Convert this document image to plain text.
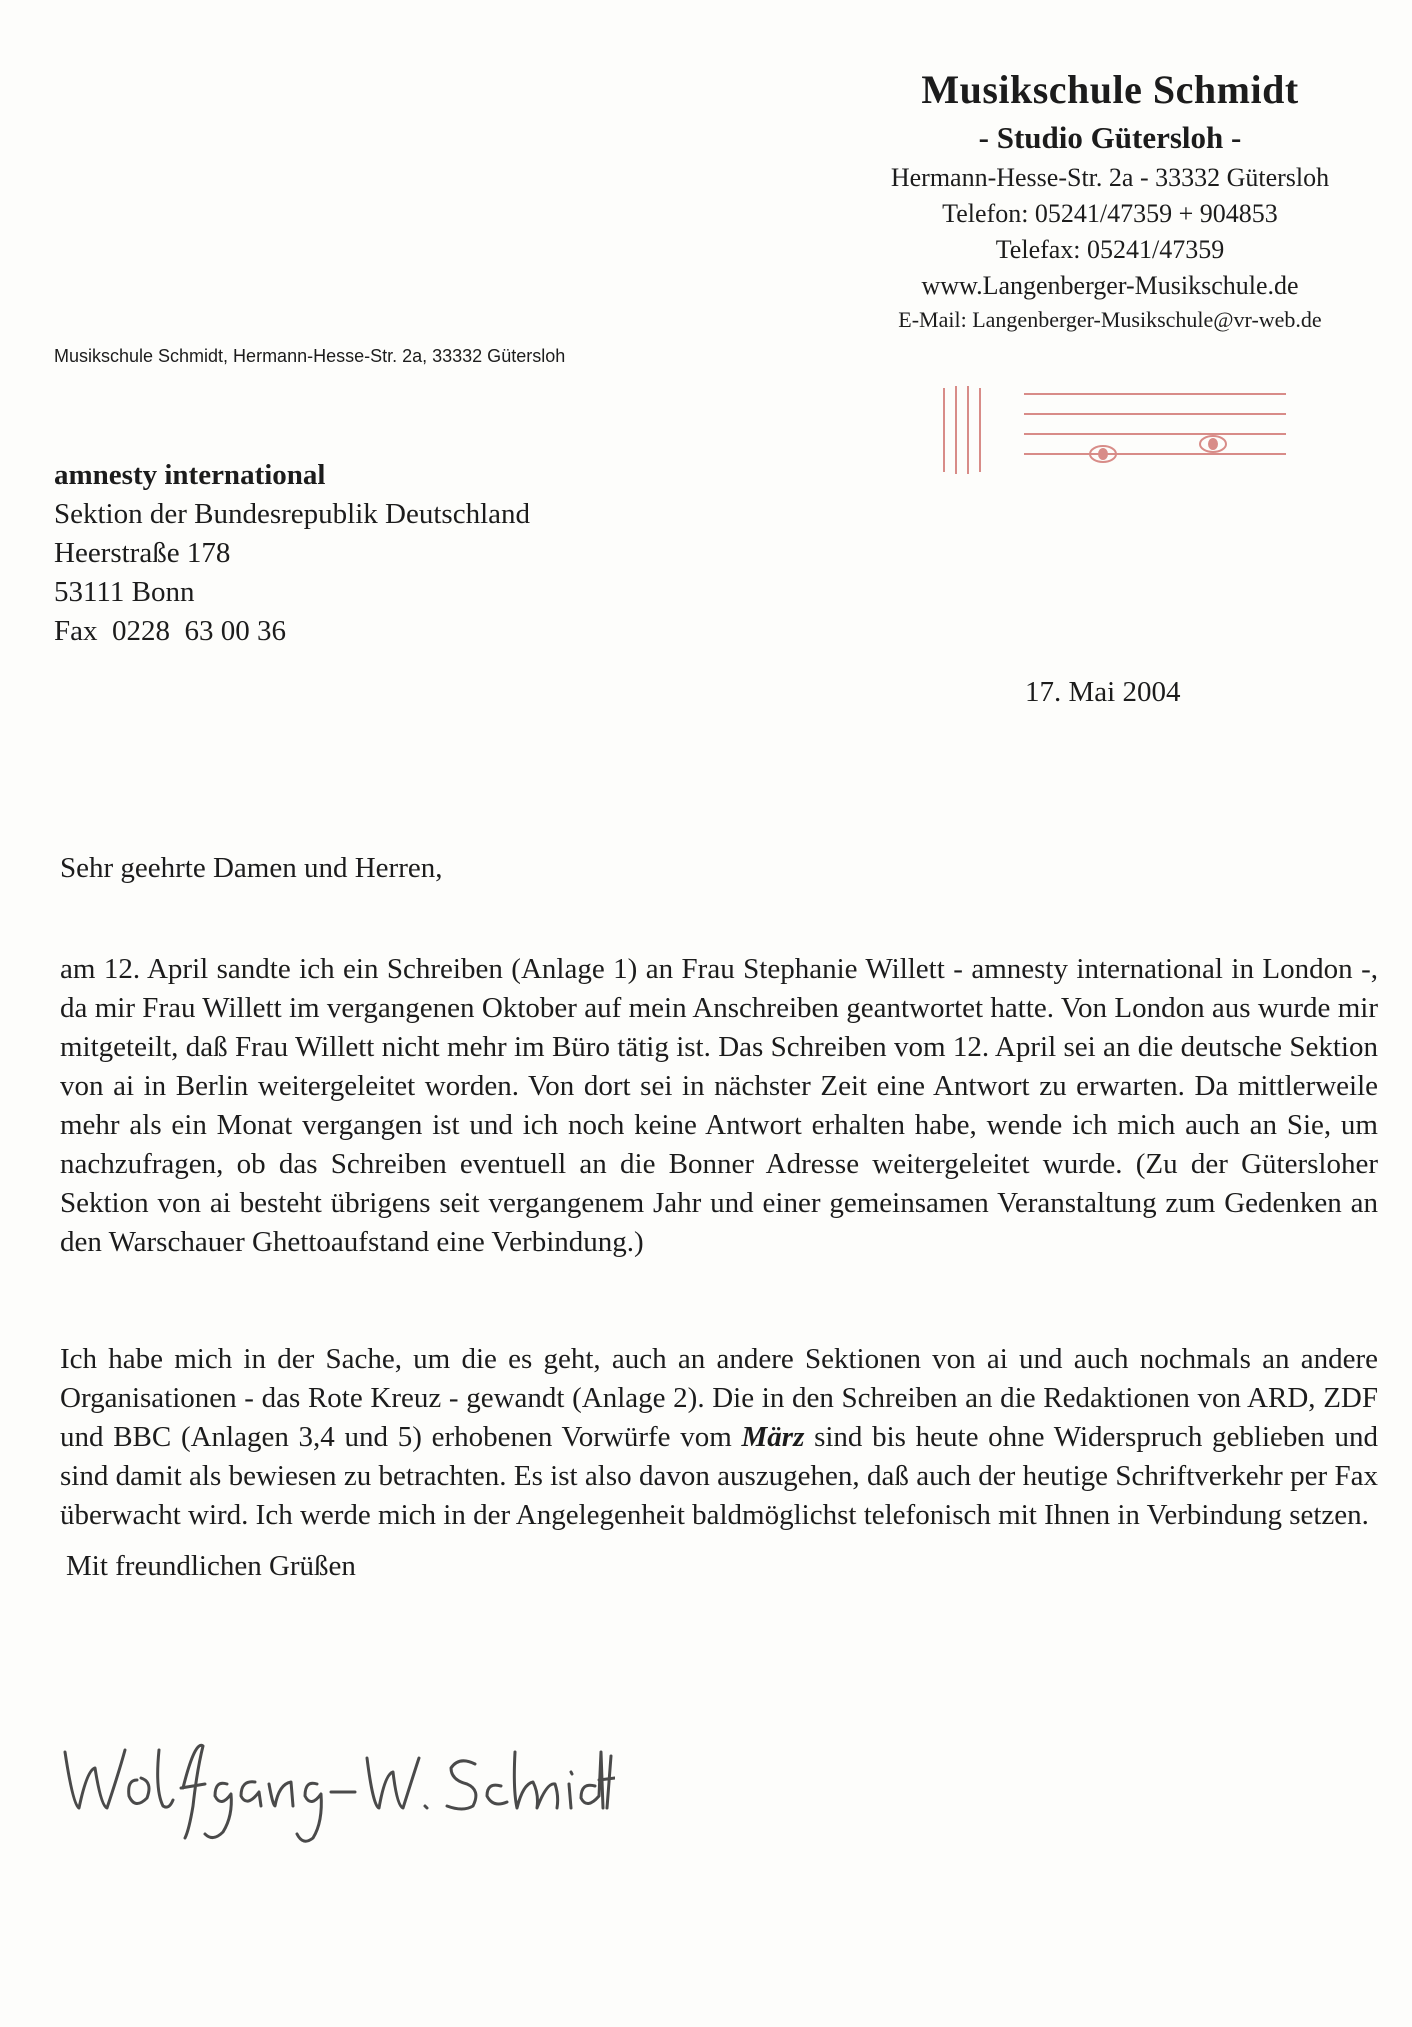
Musikschule Schmidt
- Studio Gütersloh -
Hermann-Hesse-Str. 2a - 33332 Gütersloh
Telefon: 05241/47359 + 904853
Telefax: 05241/47359
www.Langenberger-Musikschule.de
E-Mail: Langenberger-Musikschule@vr-web.de
Musikschule Schmidt, Hermann-Hesse-Str. 2a, 33332 Gütersloh
amnesty international
Sektion der Bundesrepublik Deutschland
Heerstraße 178
53111 Bonn
Fax  0228  63 00 36
17. Mai 2004
Sehr geehrte Damen und Herren,
am 12. April sandte ich ein Schreiben (Anlage 1) an Frau Stephanie Willett - amnesty international in London -, da mir Frau Willett im vergangenen Oktober auf mein Anschreiben geantwortet hatte. Von London aus wurde mir mitgeteilt, daß Frau Willett nicht mehr im Büro tätig ist. Das Schreiben vom 12. April sei an die deutsche Sektion von ai in Berlin weitergeleitet worden. Von dort sei in nächster Zeit eine Antwort zu erwarten. Da mittlerweile mehr als ein Monat vergangen ist und ich noch keine Antwort erhalten habe, wende ich mich auch an Sie, um nachzufragen, ob das Schreiben eventuell an die Bonner Adresse weitergeleitet wurde. (Zu der Gütersloher Sektion von ai besteht übrigens seit vergangenem Jahr und einer gemeinsamen Veranstaltung zum Gedenken an den Warschauer Ghettoaufstand eine Verbindung.)
Ich habe mich in der Sache, um die es geht, auch an andere Sektionen von ai und auch nochmals an andere Organisationen - das Rote Kreuz - gewandt (Anlage 2). Die in den Schreiben an die Redaktionen von ARD, ZDF und BBC (Anlagen 3,4 und 5) erhobenen Vorwürfe vom März sind bis heute ohne Widerspruch geblieben und sind damit als bewiesen zu betrachten. Es ist also davon auszugehen, daß auch der heutige Schriftverkehr per Fax überwacht wird. Ich werde mich in der Angelegenheit baldmöglichst telefonisch mit Ihnen in Verbindung setzen.
Mit freundlichen Grüßen
